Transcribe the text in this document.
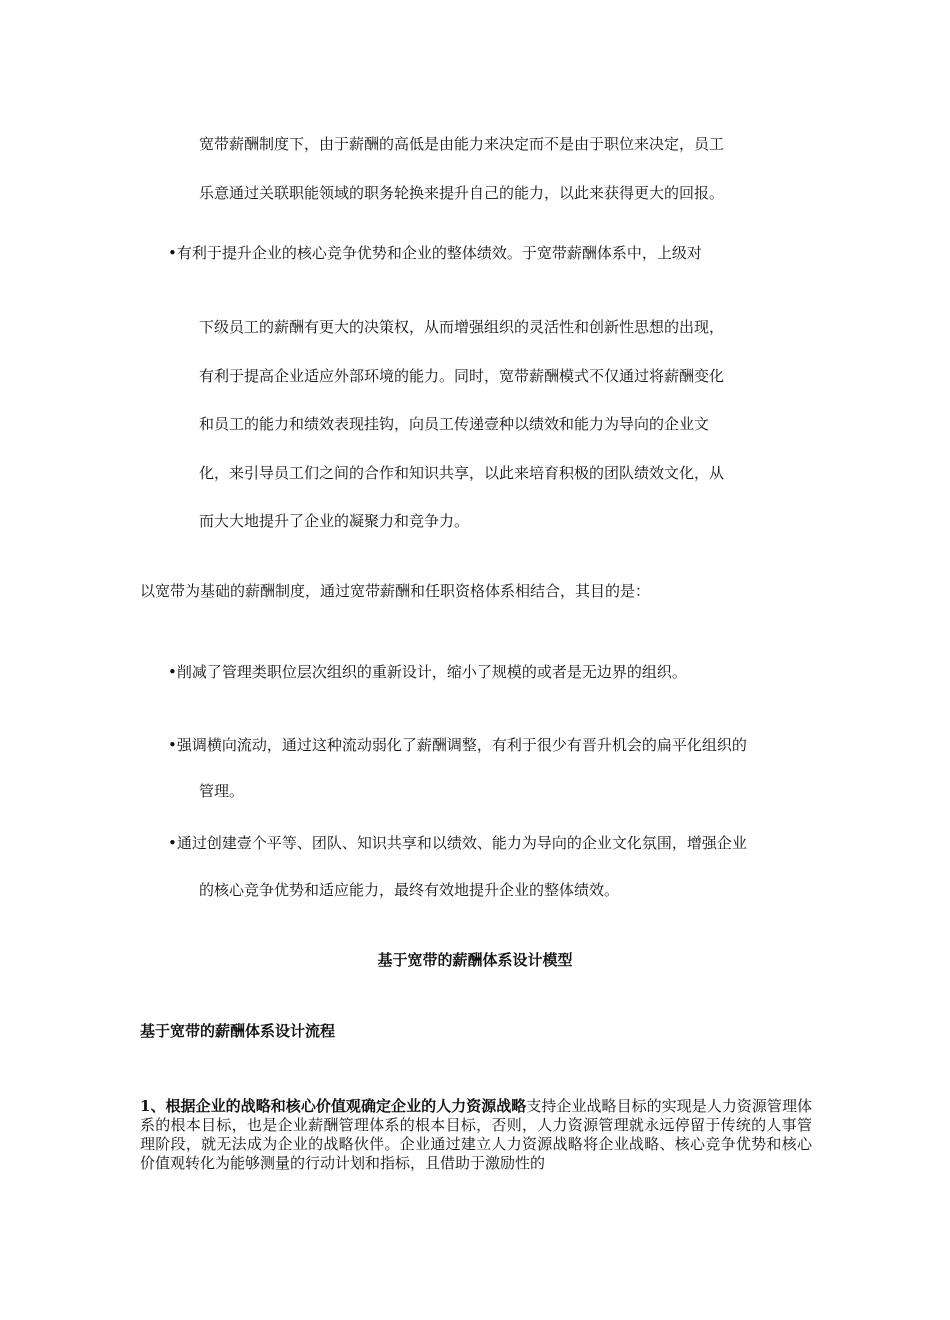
宽带薪酬制度下，由于薪酬的高低是由能力来决定而不是由于职位来决定，员工
乐意通过关联职能领域的职务轮换来提升自己的能力，以此来获得更大的回报。
•有利于提升企业的核心竞争优势和企业的整体绩效。于宽带薪酬体系中，上级对
下级员工的薪酬有更大的决策权，从而增强组织的灵活性和创新性思想的出现，
有利于提高企业适应外部环境的能力。同时，宽带薪酬模式不仅通过将薪酬变化
和员工的能力和绩效表现挂钩，向员工传递壹种以绩效和能力为导向的企业文
化，来引导员工们之间的合作和知识共享，以此来培育积极的团队绩效文化，从
而大大地提升了企业的凝聚力和竞争力。
以宽带为基础的薪酬制度，通过宽带薪酬和任职资格体系相结合，其目的是：
•削减了管理类职位层次组织的重新设计，缩小了规模的或者是无边界的组织。
•强调横向流动，通过这种流动弱化了薪酬调整，有利于很少有晋升机会的扁平化组织的
管理。
•通过创建壹个平等、团队、知识共享和以绩效、能力为导向的企业文化氛围，增强企业
的核心竞争优势和适应能力，最终有效地提升企业的整体绩效。
基于宽带的薪酬体系设计模型
基于宽带的薪酬体系设计流程
1、根据企业的战略和核心价值观确定企业的人力资源战略支持企业战略目标的实现是人力资源管理体系的根本目标，也是企业薪酬管理体系的根本目标，否则，人力资源管理就永远停留于传统的人事管理阶段，就无法成为企业的战略伙伴。企业通过建立人力资源战略将企业战略、核心竞争优势和核心价值观转化为能够测量的行动计划和指标，且借助于激励性的
